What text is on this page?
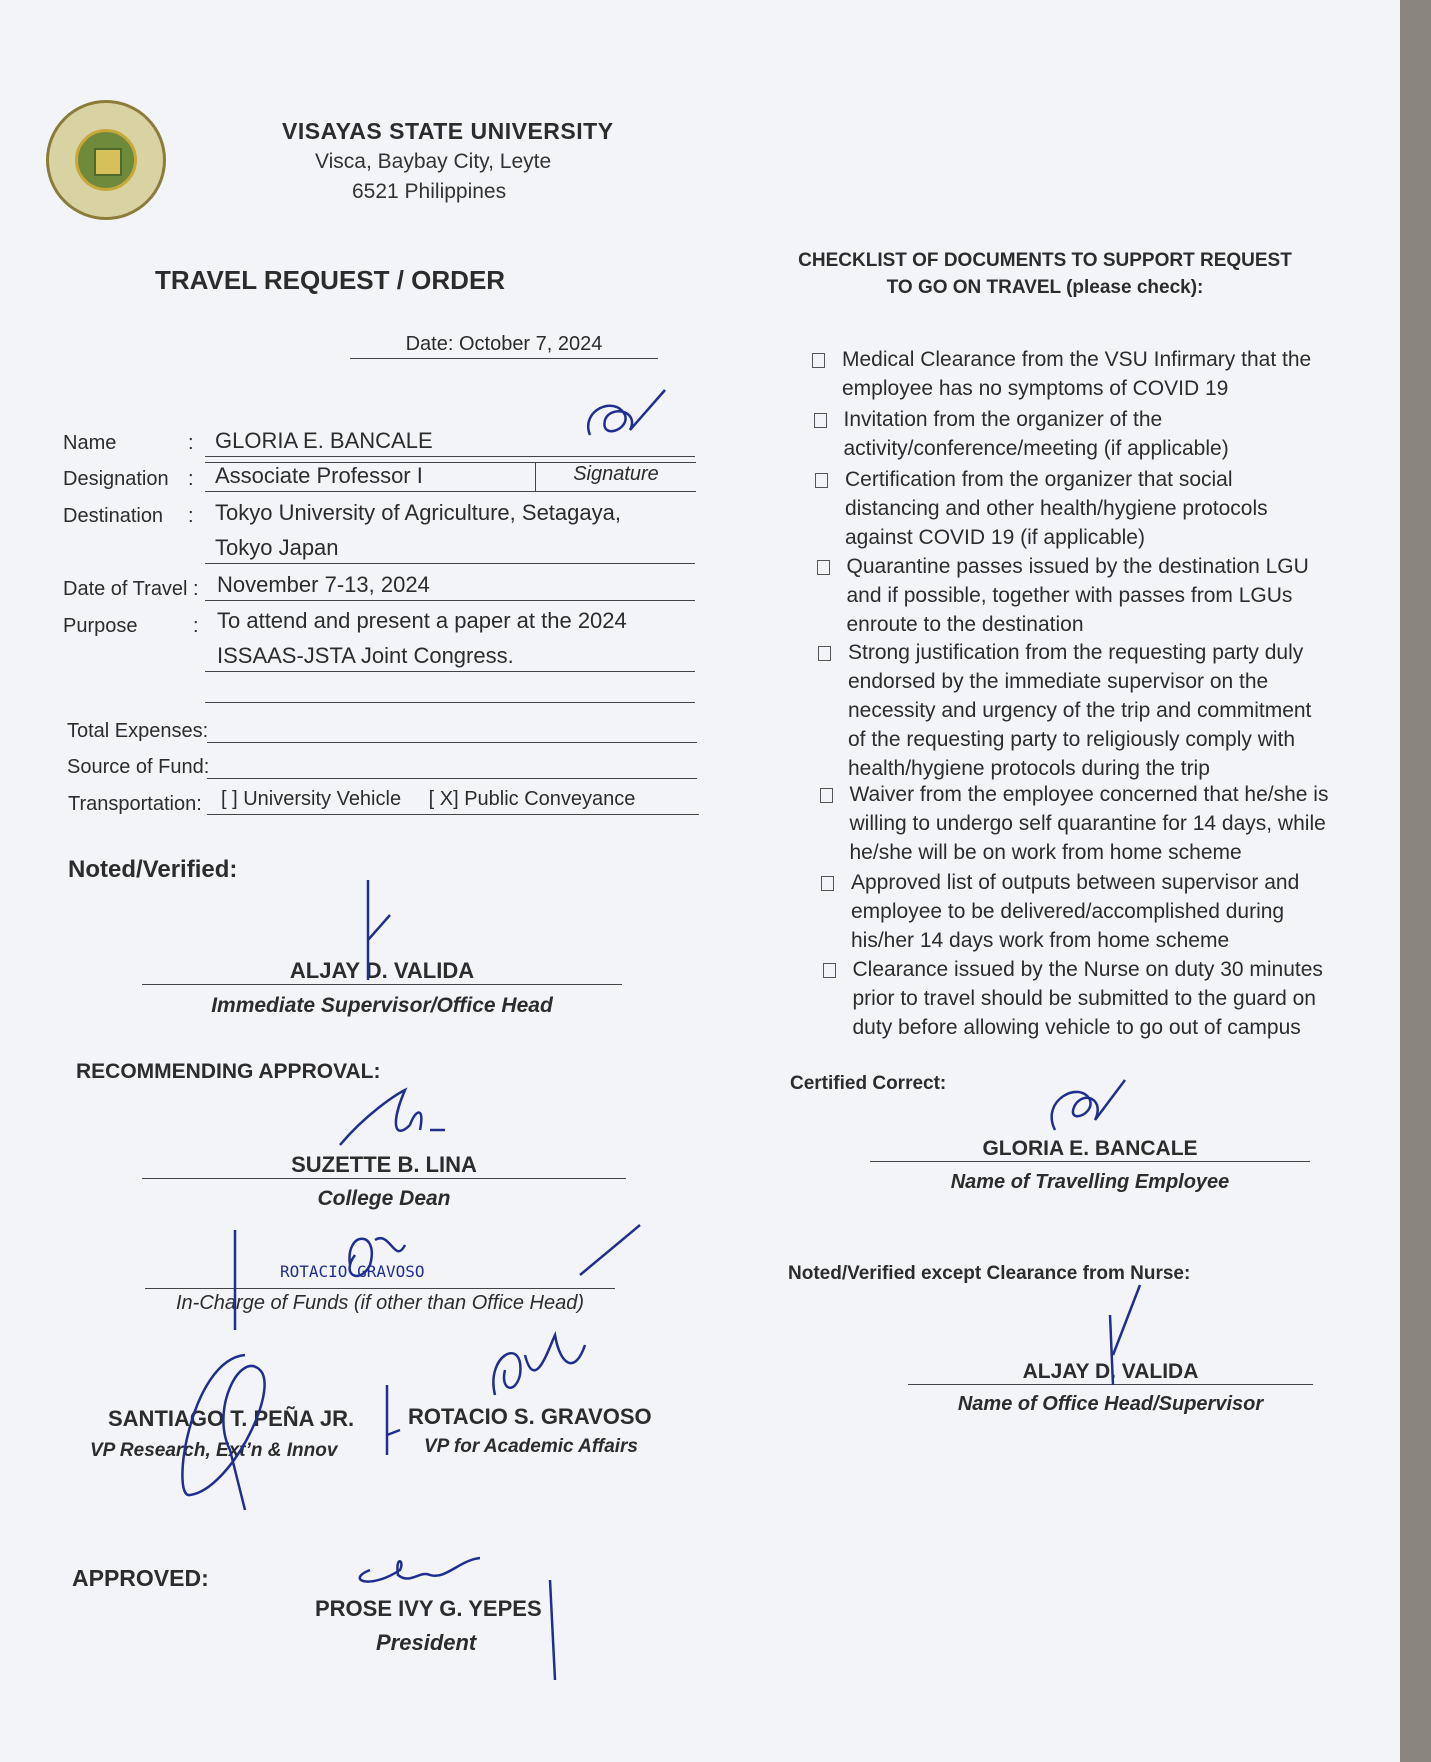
VISAYAS STATE UNIVERSITY
Visca, Baybay City, Leyte
6521 Philippines
TRAVEL REQUEST / ORDER
Date: October 7, 2024
Name	: GLORIA E. BANCALE
Designation : Associate Professor I	Signature
Destination : Tokyo University of Agriculture, Setagaya,
Tokyo Japan
Date of Travel : November 7-13, 2024
Purpose	: To attend and present a paper at the 2024
ISSAAS-JSTA Joint Congress.
Total Expenses:
Source of Fund:
Transportation: [ ] University Vehicle [ X] Public Conveyance
Noted/Verified:
ALJAY D. VALIDA
Immediate Supervisor/Office Head
RECOMMENDING APPROVAL:
SUZETTE B. LINA
College Dean
ROTACIO GRAVOSO
In-Charge of Funds (if other than Office Head)
SANTIAGO T. PEÑA JR.
VP Research, Ext’n & Innov
ROTACIO S. GRAVOSO
VP for Academic Affairs
APPROVED:
PROSE IVY G. YEPES
President
CHECKLIST OF DOCUMENTS TO SUPPORT REQUEST
TO GO ON TRAVEL (please check):
Medical Clearance from the VSU Infirmary that the
employee has no symptoms of COVID 19
Invitation from the organizer of the
activity/conference/meeting (if applicable)
Certification from the organizer that social
distancing and other health/hygiene protocols
against COVID 19 (if applicable)
Quarantine passes issued by the destination LGU
and if possible, together with passes from LGUs
enroute to the destination
Strong justification from the requesting party duly
endorsed by the immediate supervisor on the
necessity and urgency of the trip and commitment
of the requesting party to religiously comply with
health/hygiene protocols during the trip
Waiver from the employee concerned that he/she is
willing to undergo self quarantine for 14 days, while
he/she will be on work from home scheme
Approved list of outputs between supervisor and
employee to be delivered/accomplished during
his/her 14 days work from home scheme
Clearance issued by the Nurse on duty 30 minutes
prior to travel should be submitted to the guard on
duty before allowing vehicle to go out of campus
Certified Correct:
GLORIA E. BANCALE
Name of Travelling Employee
Noted/Verified except Clearance from Nurse:
ALJAY D. VALIDA
Name of Office Head/Supervisor
